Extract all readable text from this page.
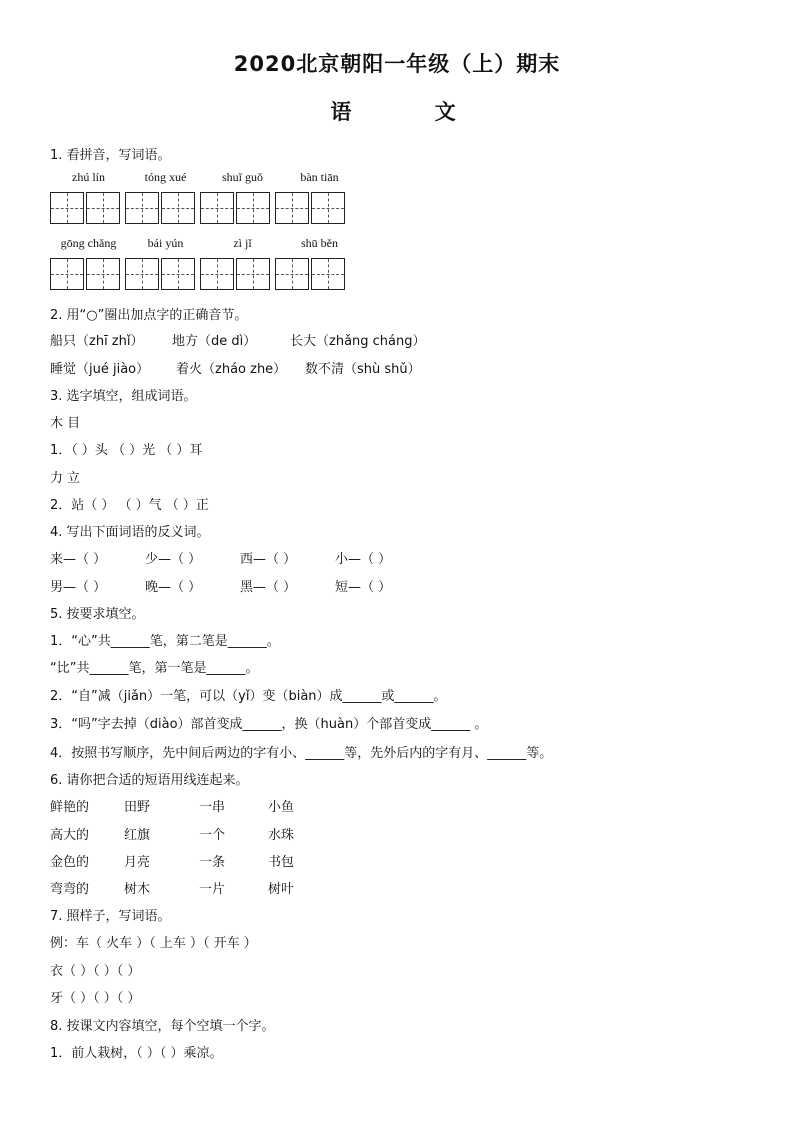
2020北京朝阳一年级（上）期末
语 文
1. 看拼音，写词语。
zhú lín	tóng xué	shuǐ guǒ	bàn tiān
gōng chǎng	bái yún	zì jǐ	shū běn
2. 用“○”圈出加点字的正确音节。
船只（zhī zhǐ） 地方（de dì）	长大（zhǎng cháng）
睡觉（jué jiào） 着火（zháo zhe） 数不清（shù shǔ）
3. 选字填空，组成词语。
木 目
1．（ ）头 （ ）光 （ ）耳
力 立
2．站（ ） （ ）气 （ ）正
4. 写出下面词语的反义词。
来—（ ）	少—（ ）	西—（ ）	小—（ ）
男—（ ）	晚—（ ）	黑—（ ）	短—（ ）
5. 按要求填空。
1．“心”共______笔，第二笔是______。
“比”共______笔，第一笔是______。
2．“自”减（jiǎn）一笔，可以（yǐ）变（biàn）成______或______。
3．“吗”字去掉（diào）部首变成______，换（huàn）个部首变成______ 。
4．按照书写顺序，先中间后两边的字有小、______等，先外后内的字有月、______等。
6. 请你把合适的短语用线连起来。
鲜艳的	田野	一串	小鱼
高大的	红旗	一个	水珠
金色的	月亮	一条	书包
弯弯的	树木	一片	树叶
7. 照样子，写词语。
例：车（ 火车 ）（ 上车 ）（ 开车 ）
衣（ ）（ ）（ ）
牙（ ）（ ）（ ）
8. 按课文内容填空，每个空填一个字。
1．前人栽树，（ ）（ ）乘凉。
